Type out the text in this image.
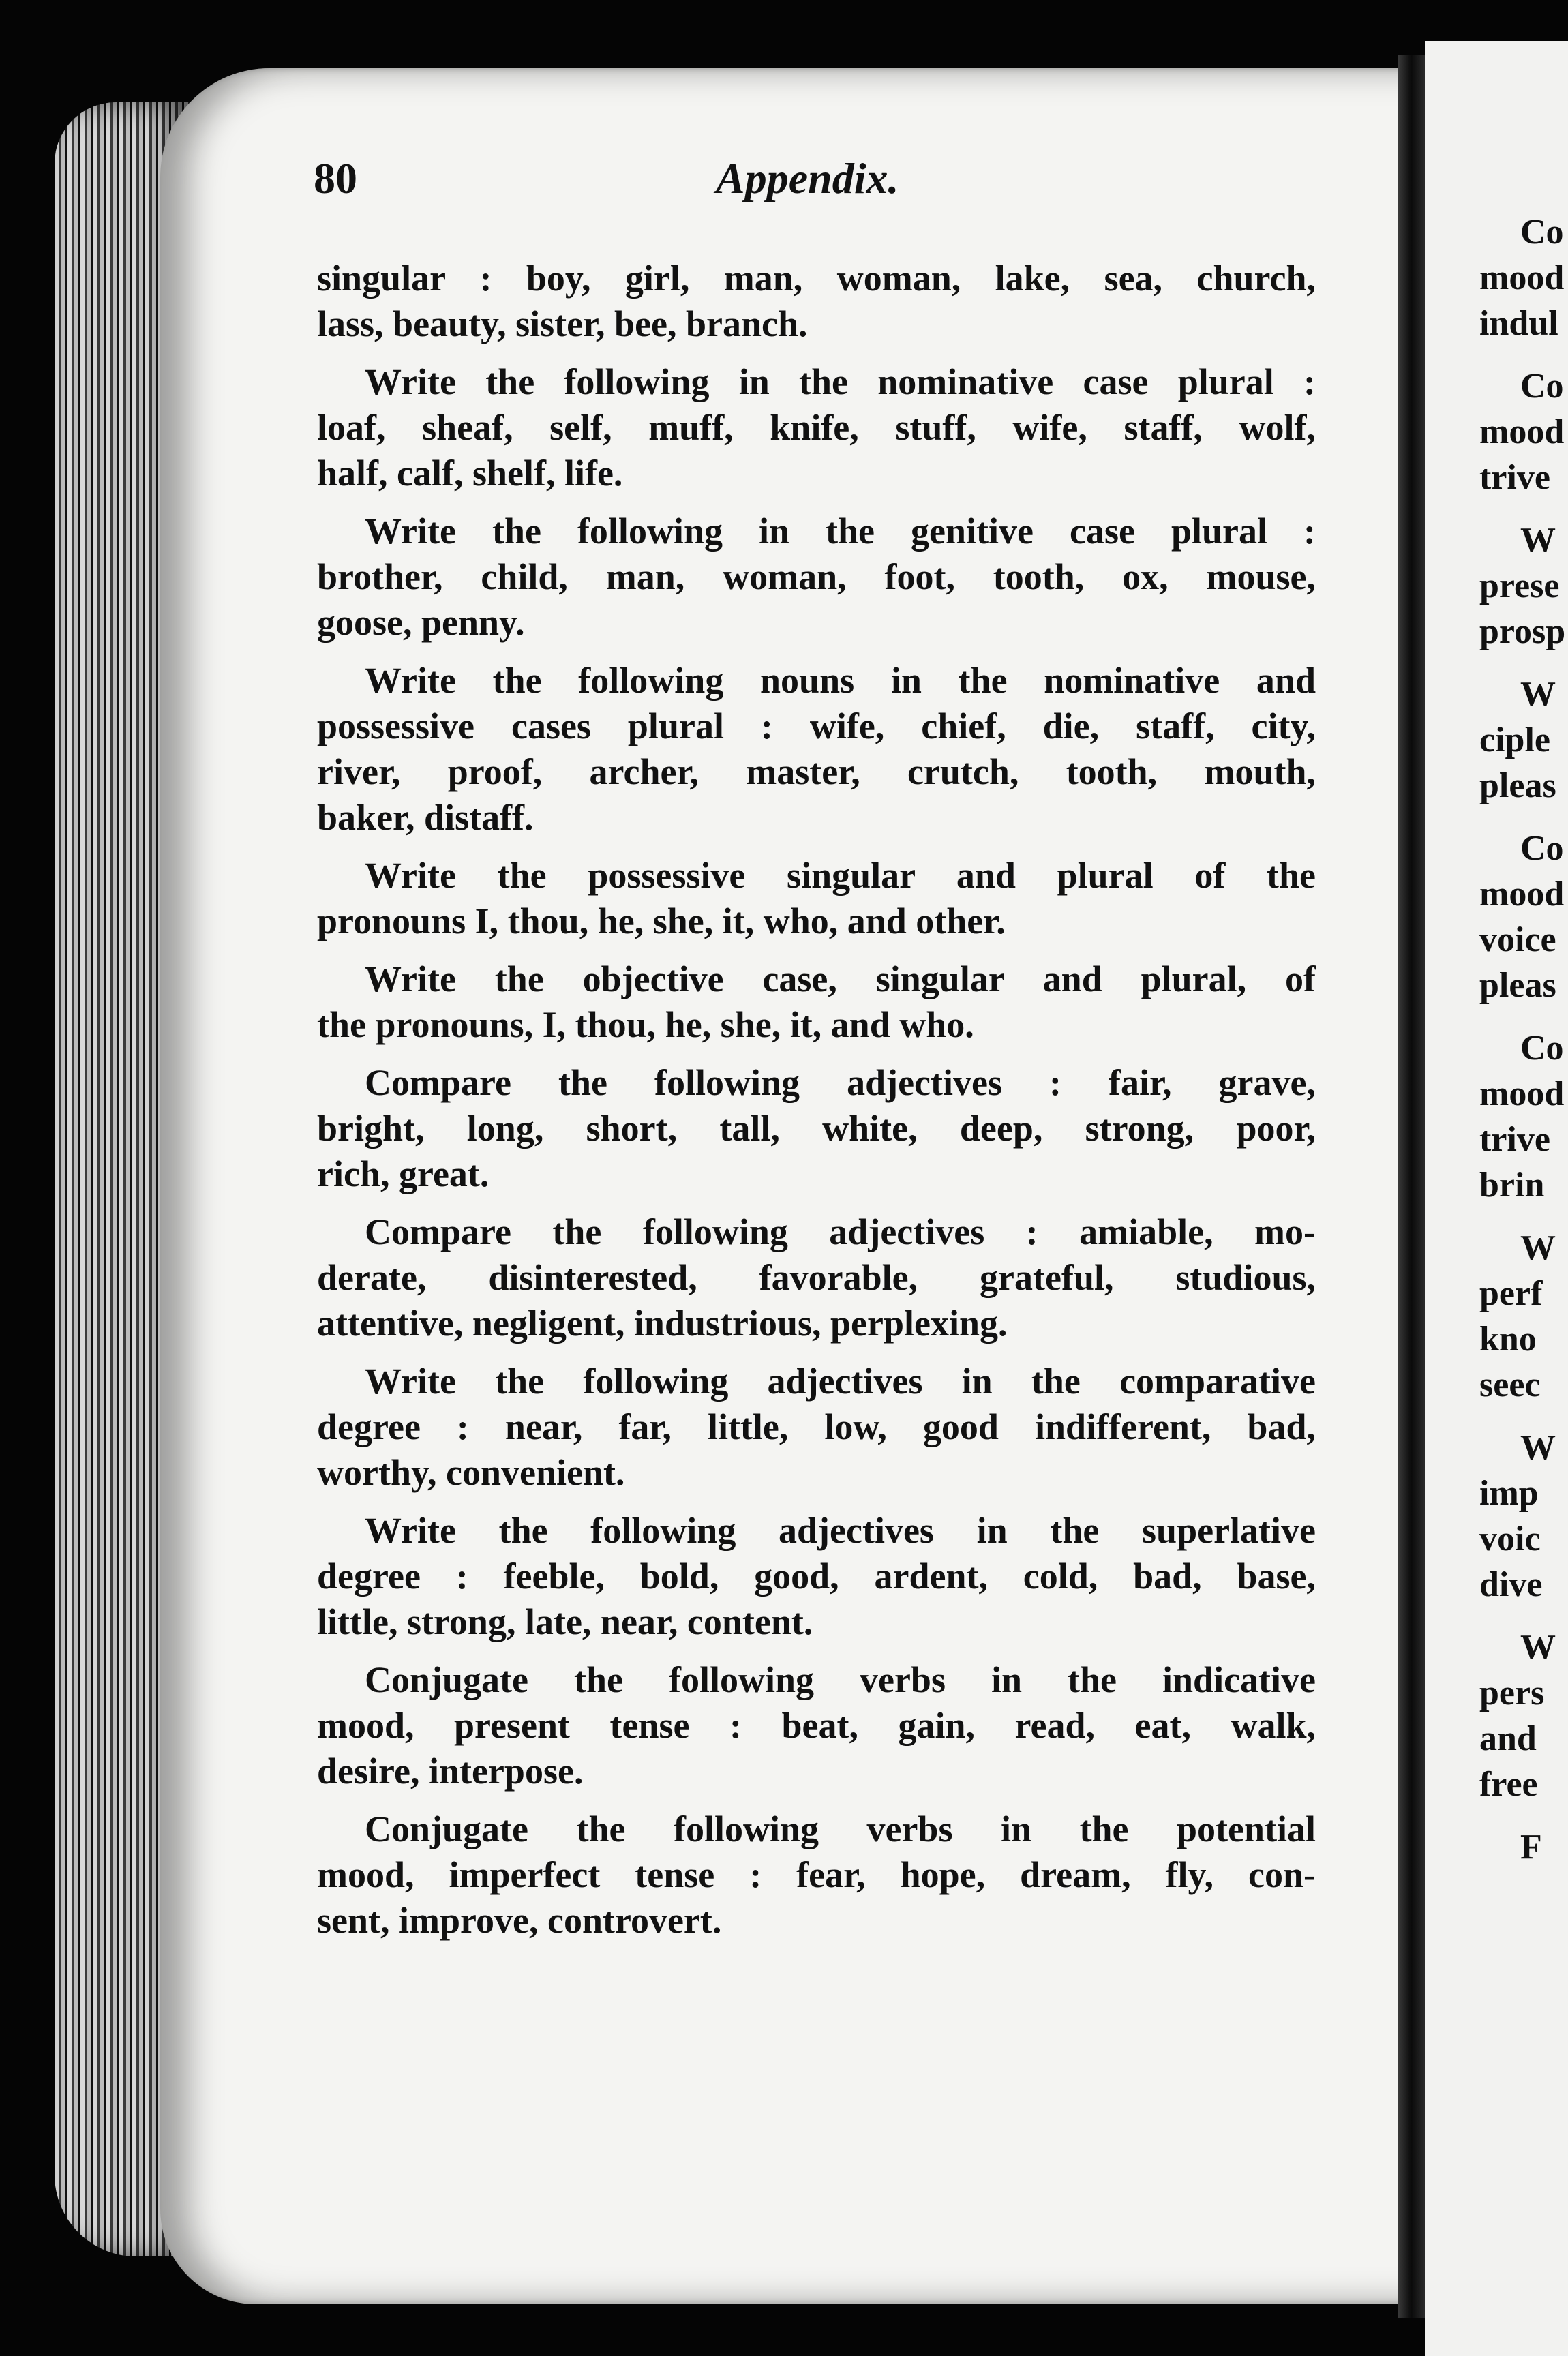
Co
mood
indul
Co
mood
trive
W
prese
prosp
W
ciple
pleas
Co
mood
voice
pleas
Co
mood
trive
brin
W
perf
kno
seec
W
imp
voic
dive
W
pers
and
free
F
80	Appendix.
singular : boy, girl, man, woman, lake, sea, church,
lass, beauty, sister, bee, branch.
Write the following in the nominative case plural :
loaf, sheaf, self, muff, knife, stuff, wife, staff, wolf,
half, calf, shelf, life.
Write the following in the genitive case plural :
brother, child, man, woman, foot, tooth, ox, mouse,
goose, penny.
Write the following nouns in the nominative and
possessive cases plural : wife, chief, die, staff, city,
river, proof, archer, master, crutch, tooth, mouth,
baker, distaff.
Write the possessive singular and plural of the
pronouns I, thou, he, she, it, who, and other.
Write the objective case, singular and plural, of
the pronouns, I, thou, he, she, it, and who.
Compare the following adjectives : fair, grave,
bright, long, short, tall, white, deep, strong, poor,
rich, great.
Compare the following adjectives : amiable, mo-
derate, disinterested, favorable, grateful, studious,
attentive, negligent, industrious, perplexing.
Write the following adjectives in the comparative
degree : near, far, little, low, good indifferent, bad,
worthy, convenient.
Write the following adjectives in the superlative
degree : feeble, bold, good, ardent, cold, bad, base,
little, strong, late, near, content.
Conjugate the following verbs in the indicative
mood, present tense : beat, gain, read, eat, walk,
desire, interpose.
Conjugate the following verbs in the potential
mood, imperfect tense : fear, hope, dream, fly, con-
sent, improve, controvert.
